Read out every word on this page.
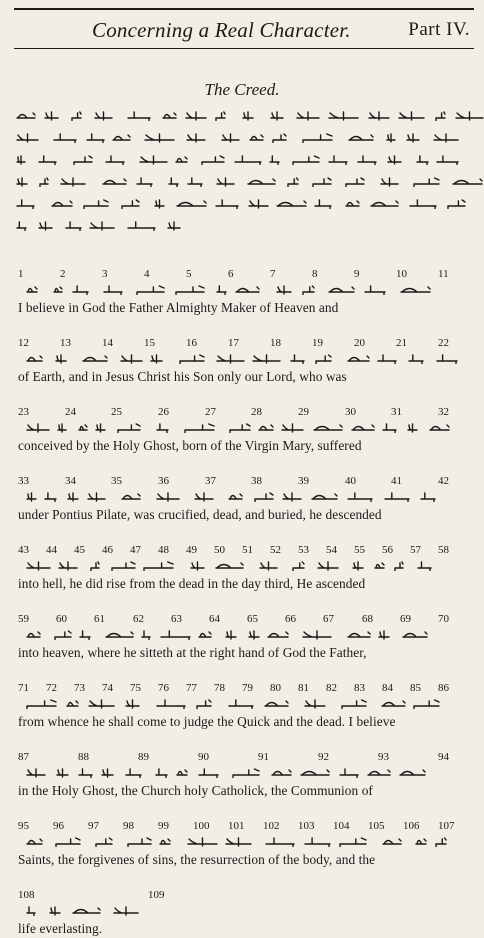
Concerning a Real Character.	Part IV.
The Creed.
1	2	3	4	5	6	7	8	9	10	11
I believe in God the Father Almighty Maker of Heaven and
12	13	14	15	16	17	18	19	20	21	22
of Earth, and in Jesus Christ his Son only our Lord, who was
23	24	25	26	27	28	29	30	31	32
conceived by the Holy Ghost, born of the Virgin Mary, suffered
33	34	35	36	37	38	39	40	41	42
under Pontius Pilate, was crucified, dead, and buried, he descended
43 44 45 46 47 48 49 50 51 52 53 54 55 56 57 58
into hell, he did rise from the dead in the day third, He ascended
59 60 61	62 63 64 65 66 67	68 69 70
into heaven, where he sitteth at the right hand of God the Father,
71 72 73 74 75 76 77 78 79 80 81 82 83 84 85 86
from whence he shall come to judge the Quick and the dead. I believe
87	88	89	90	91	92	93	94
in the Holy Ghost, the Church holy Catholick, the Communion of
95 96 97 98 99 100 101 102 103 104 105 106 107
Saints, the forgivenes of sins, the resurrection of the body, and the
108	109
life everlasting.
